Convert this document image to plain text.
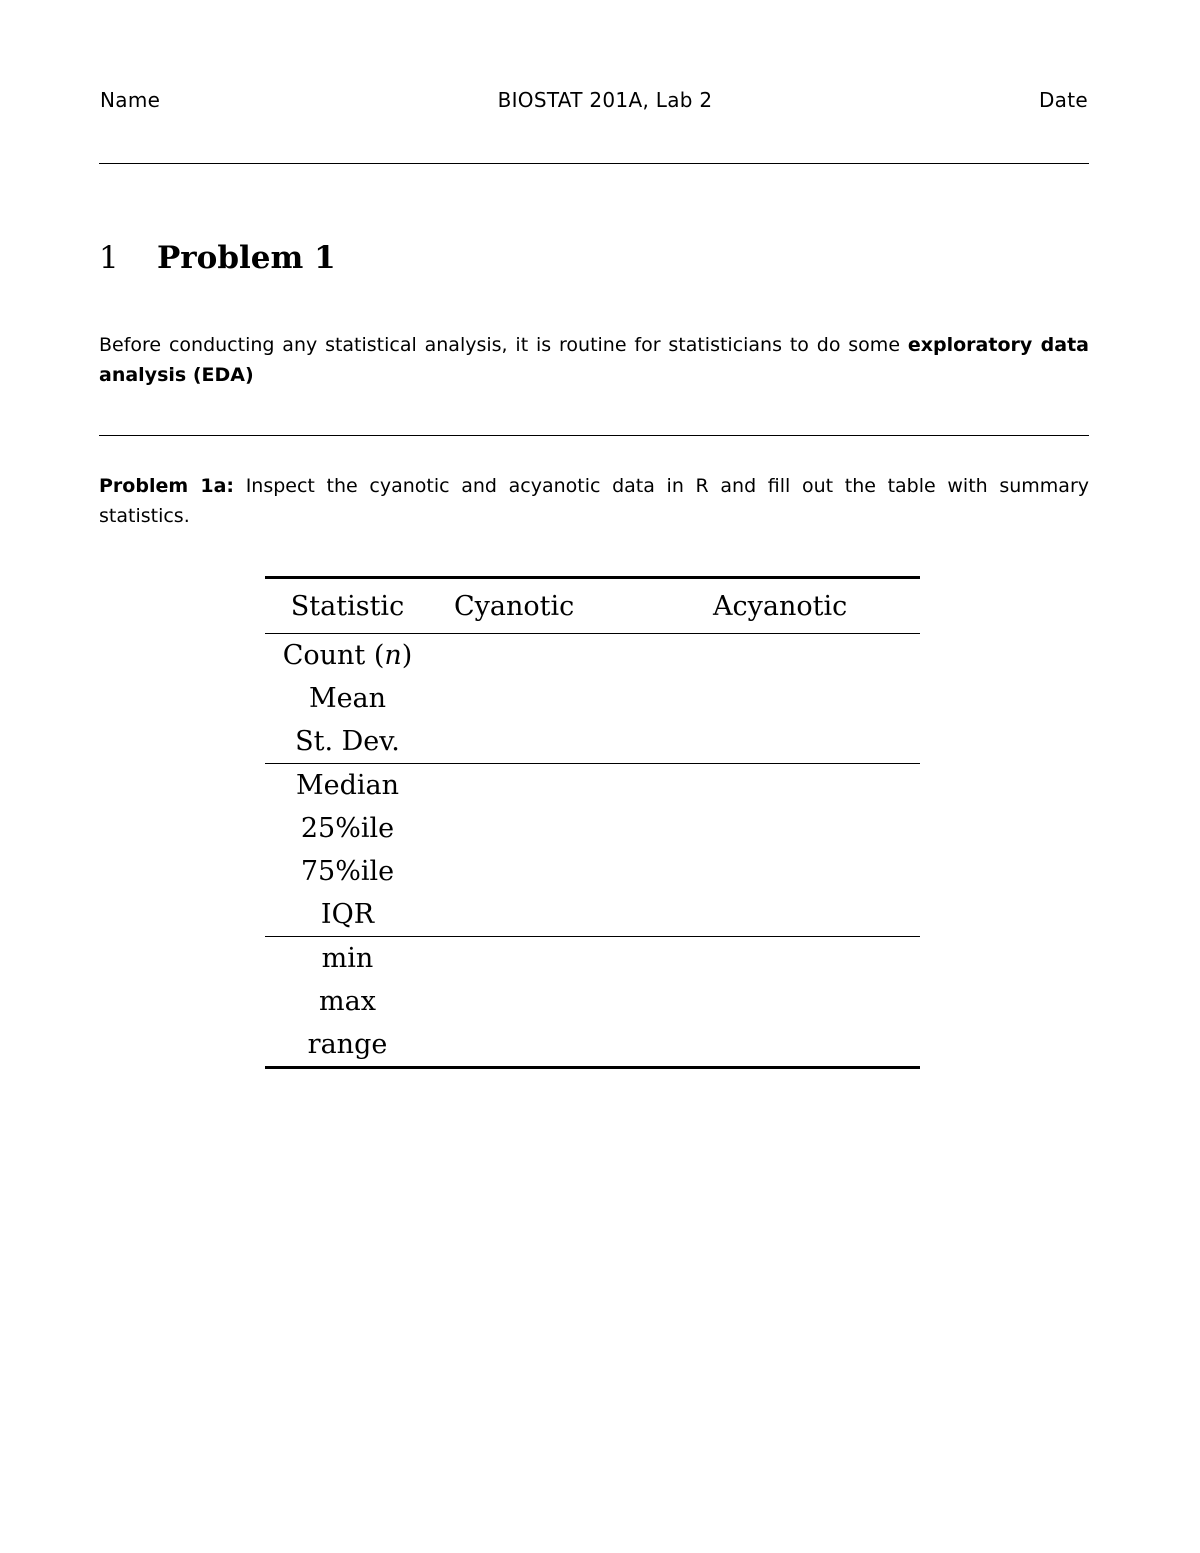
Name	BIOSTAT 201A, Lab 2	Date
1 Problem 1

Before conducting any statistical analysis, it is routine for statisticians to do some exploratory data analysis (EDA)

Problem 1a: Inspect the cyanotic and acyanotic data in R and fill out the table with summary statistics.

Statistic	Cyanotic	Acyanotic
Count (n)		
Mean		
St. Dev.		
Median		
25%ile		
75%ile		
IQR		
min		
max		
range		
